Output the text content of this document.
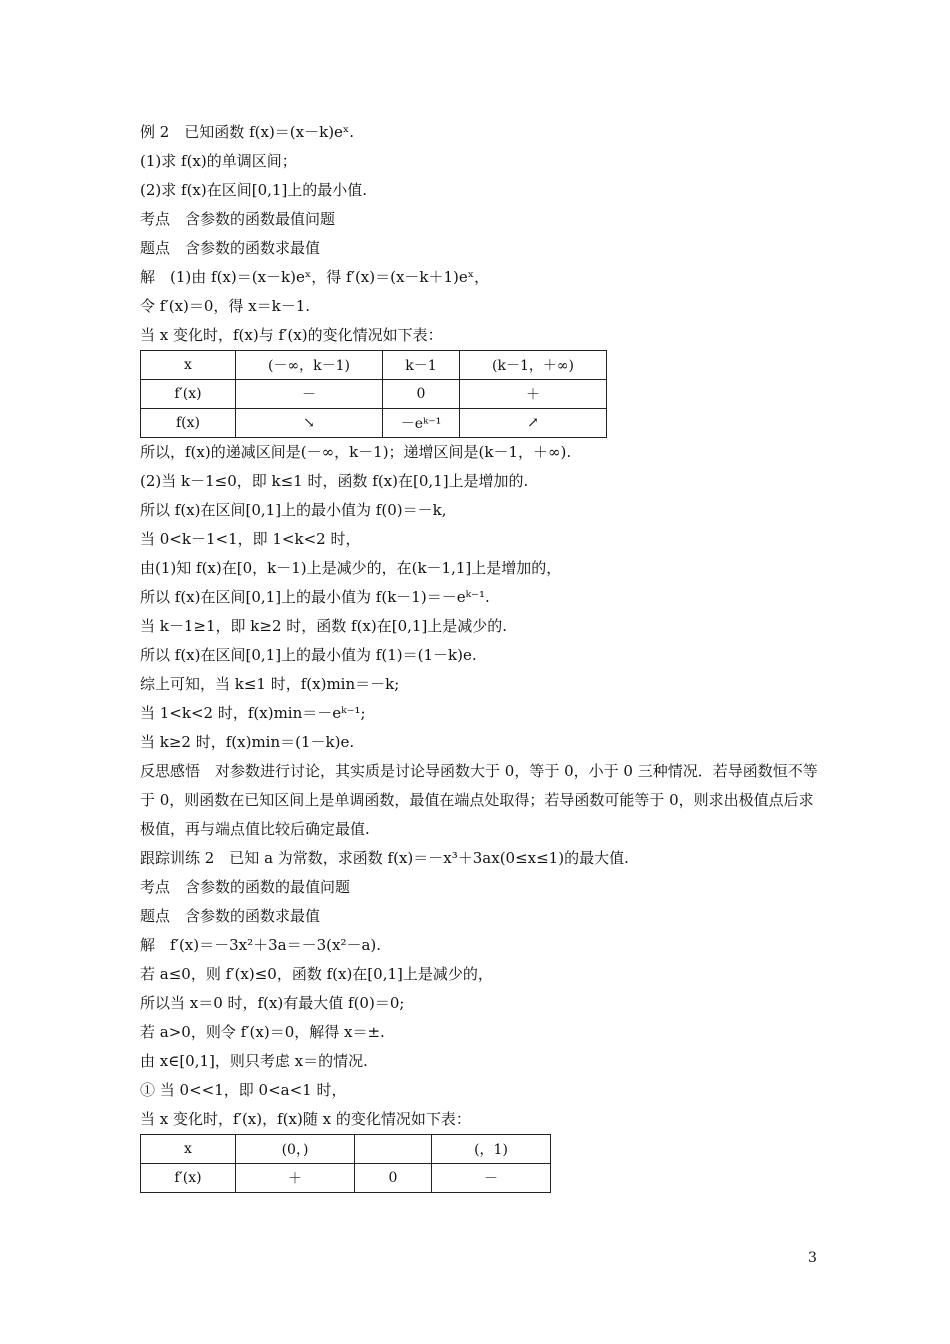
例 2　已知函数 f(x)＝(x－k)eˣ.
(1)求 f(x)的单调区间；
(2)求 f(x)在区间[0,1]上的最小值.
考点　含参数的函数最值问题
题点　含参数的函数求最值
解　(1)由 f(x)＝(x－k)eˣ，得 f′(x)＝(x－k＋1)eˣ，
令 f′(x)＝0，得 x＝k－1.
当 x 变化时，f(x)与 f′(x)的变化情况如下表：
x	(－∞，k－1)	k－1	(k－1，＋∞)
f′(x)	－	0	＋
f(x)	↘	－eᵏ⁻¹	↗
所以，f(x)的递减区间是(－∞，k－1)；递增区间是(k－1，＋∞).
(2)当 k－1≤0，即 k≤1 时，函数 f(x)在[0,1]上是增加的.
所以 f(x)在区间[0,1]上的最小值为 f(0)＝－k,
当 0<k－1<1，即 1<k<2 时，
由(1)知 f(x)在[0，k－1)上是减少的，在(k－1,1]上是增加的，
所以 f(x)在区间[0,1]上的最小值为 f(k－1)＝－eᵏ⁻¹.
当 k－1≥1，即 k≥2 时，函数 f(x)在[0,1]上是减少的.
所以 f(x)在区间[0,1]上的最小值为 f(1)＝(1－k)e.
综上可知，当 k≤1 时，f(x)min＝－k;
当 1<k<2 时，f(x)min＝－eᵏ⁻¹;
当 k≥2 时，f(x)min＝(1－k)e.
反思感悟　对参数进行讨论，其实质是讨论导函数大于 0，等于 0，小于 0 三种情况．若导函数恒不等于 0，则函数在已知区间上是单调函数，最值在端点处取得；若导函数可能等于 0，则求出极值点后求极值，再与端点值比较后确定最值.
跟踪训练 2　已知 a 为常数，求函数 f(x)＝－x³＋3ax(0≤x≤1)的最大值.
考点　含参数的函数的最值问题
题点　含参数的函数求最值
解　f′(x)＝－3x²＋3a＝－3(x²－a).
若 a≤0，则 f′(x)≤0，函数 f(x)在[0,1]上是减少的，
所以当 x＝0 时，f(x)有最大值 f(0)＝0;
若 a>0，则令 f′(x)＝0，解得 x＝±.
由 x∈[0,1]，则只考虑 x＝的情况.
① 当 0<<1，即 0<a<1 时，
当 x 变化时，f′(x)，f(x)随 x 的变化情况如下表：
x	(0，)		(，1)
f′(x)	＋	0	－
3
